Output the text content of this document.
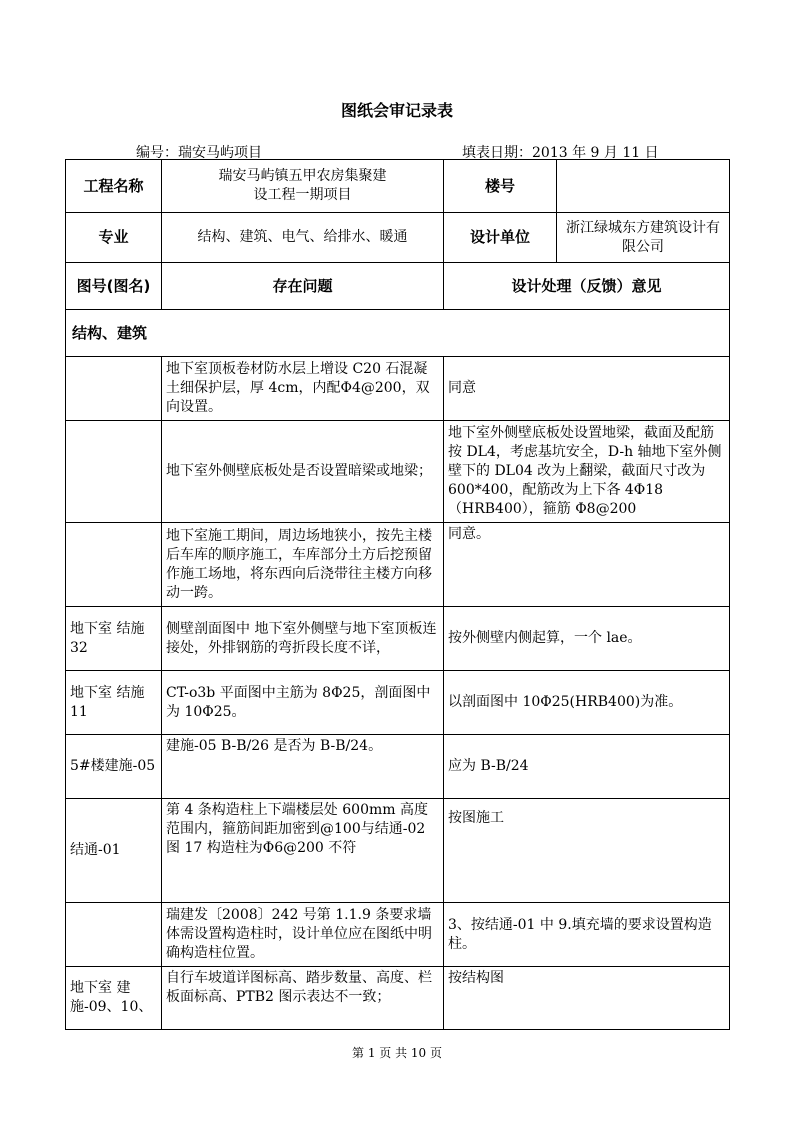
图纸会审记录表
编号：瑞安马屿项目	填表日期：2013 年 9 月 11 日
工程名称	瑞安马屿镇五甲农房集聚建设工程一期项目	楼号	
专业	结构、建筑、电气、给排水、暖通	设计单位	浙江绿城东方建筑设计有限公司
图号(图名)	存在问题	设计处理（反馈）意见	
结构、建筑			
	地下室顶板卷材防水层上增设 C20 石混凝土细保护层，厚 4cm，内配Φ4@200，双向设置。	同意	
	地下室外侧壁底板处是否设置暗梁或地梁；	地下室外侧壁底板处设置地梁，截面及配筋按 DL4，考虑基坑安全，D-h 轴地下室外侧壁下的 DL04 改为上翻梁，截面尺寸改为 600*400，配筋改为上下各 4Φ18（HRB400），箍筋 Φ8@200	
	地下室施工期间，周边场地狭小，按先主楼后车库的顺序施工，车库部分土方后挖预留作施工场地，将东西向后浇带往主楼方向移动一跨。	同意。	
地下室 结施 32	侧壁剖面图中 地下室外侧壁与地下室顶板连接处，外排钢筋的弯折段长度不详，	按外侧壁内侧起算，一个 lae。	
地下室 结施 11	CT-o3b 平面图中主筋为 8Φ25，剖面图中为 10Φ25。	以剖面图中 10Φ25(HRB400)为准。	
5#楼建施-05	建施-05 B-B/26 是否为 B-B/24。	应为 B-B/24	
结通-01	第 4 条构造柱上下端楼层处 600mm 高度范围内，箍筋间距加密到@100与结通-02 图 17 构造柱为Φ6@200 不符	按图施工	
	瑞建发〔2008〕242 号第 1.1.9 条要求墙体需设置构造柱时，设计单位应在图纸中明确构造柱位置。	3、按结通-01 中 9.填充墙的要求设置构造柱。	
地下室 建施-09、10、	自行车坡道详图标高、踏步数量、高度、栏板面标高、PTB2 图示表达不一致；	按结构图	
第 1 页 共 10 页
